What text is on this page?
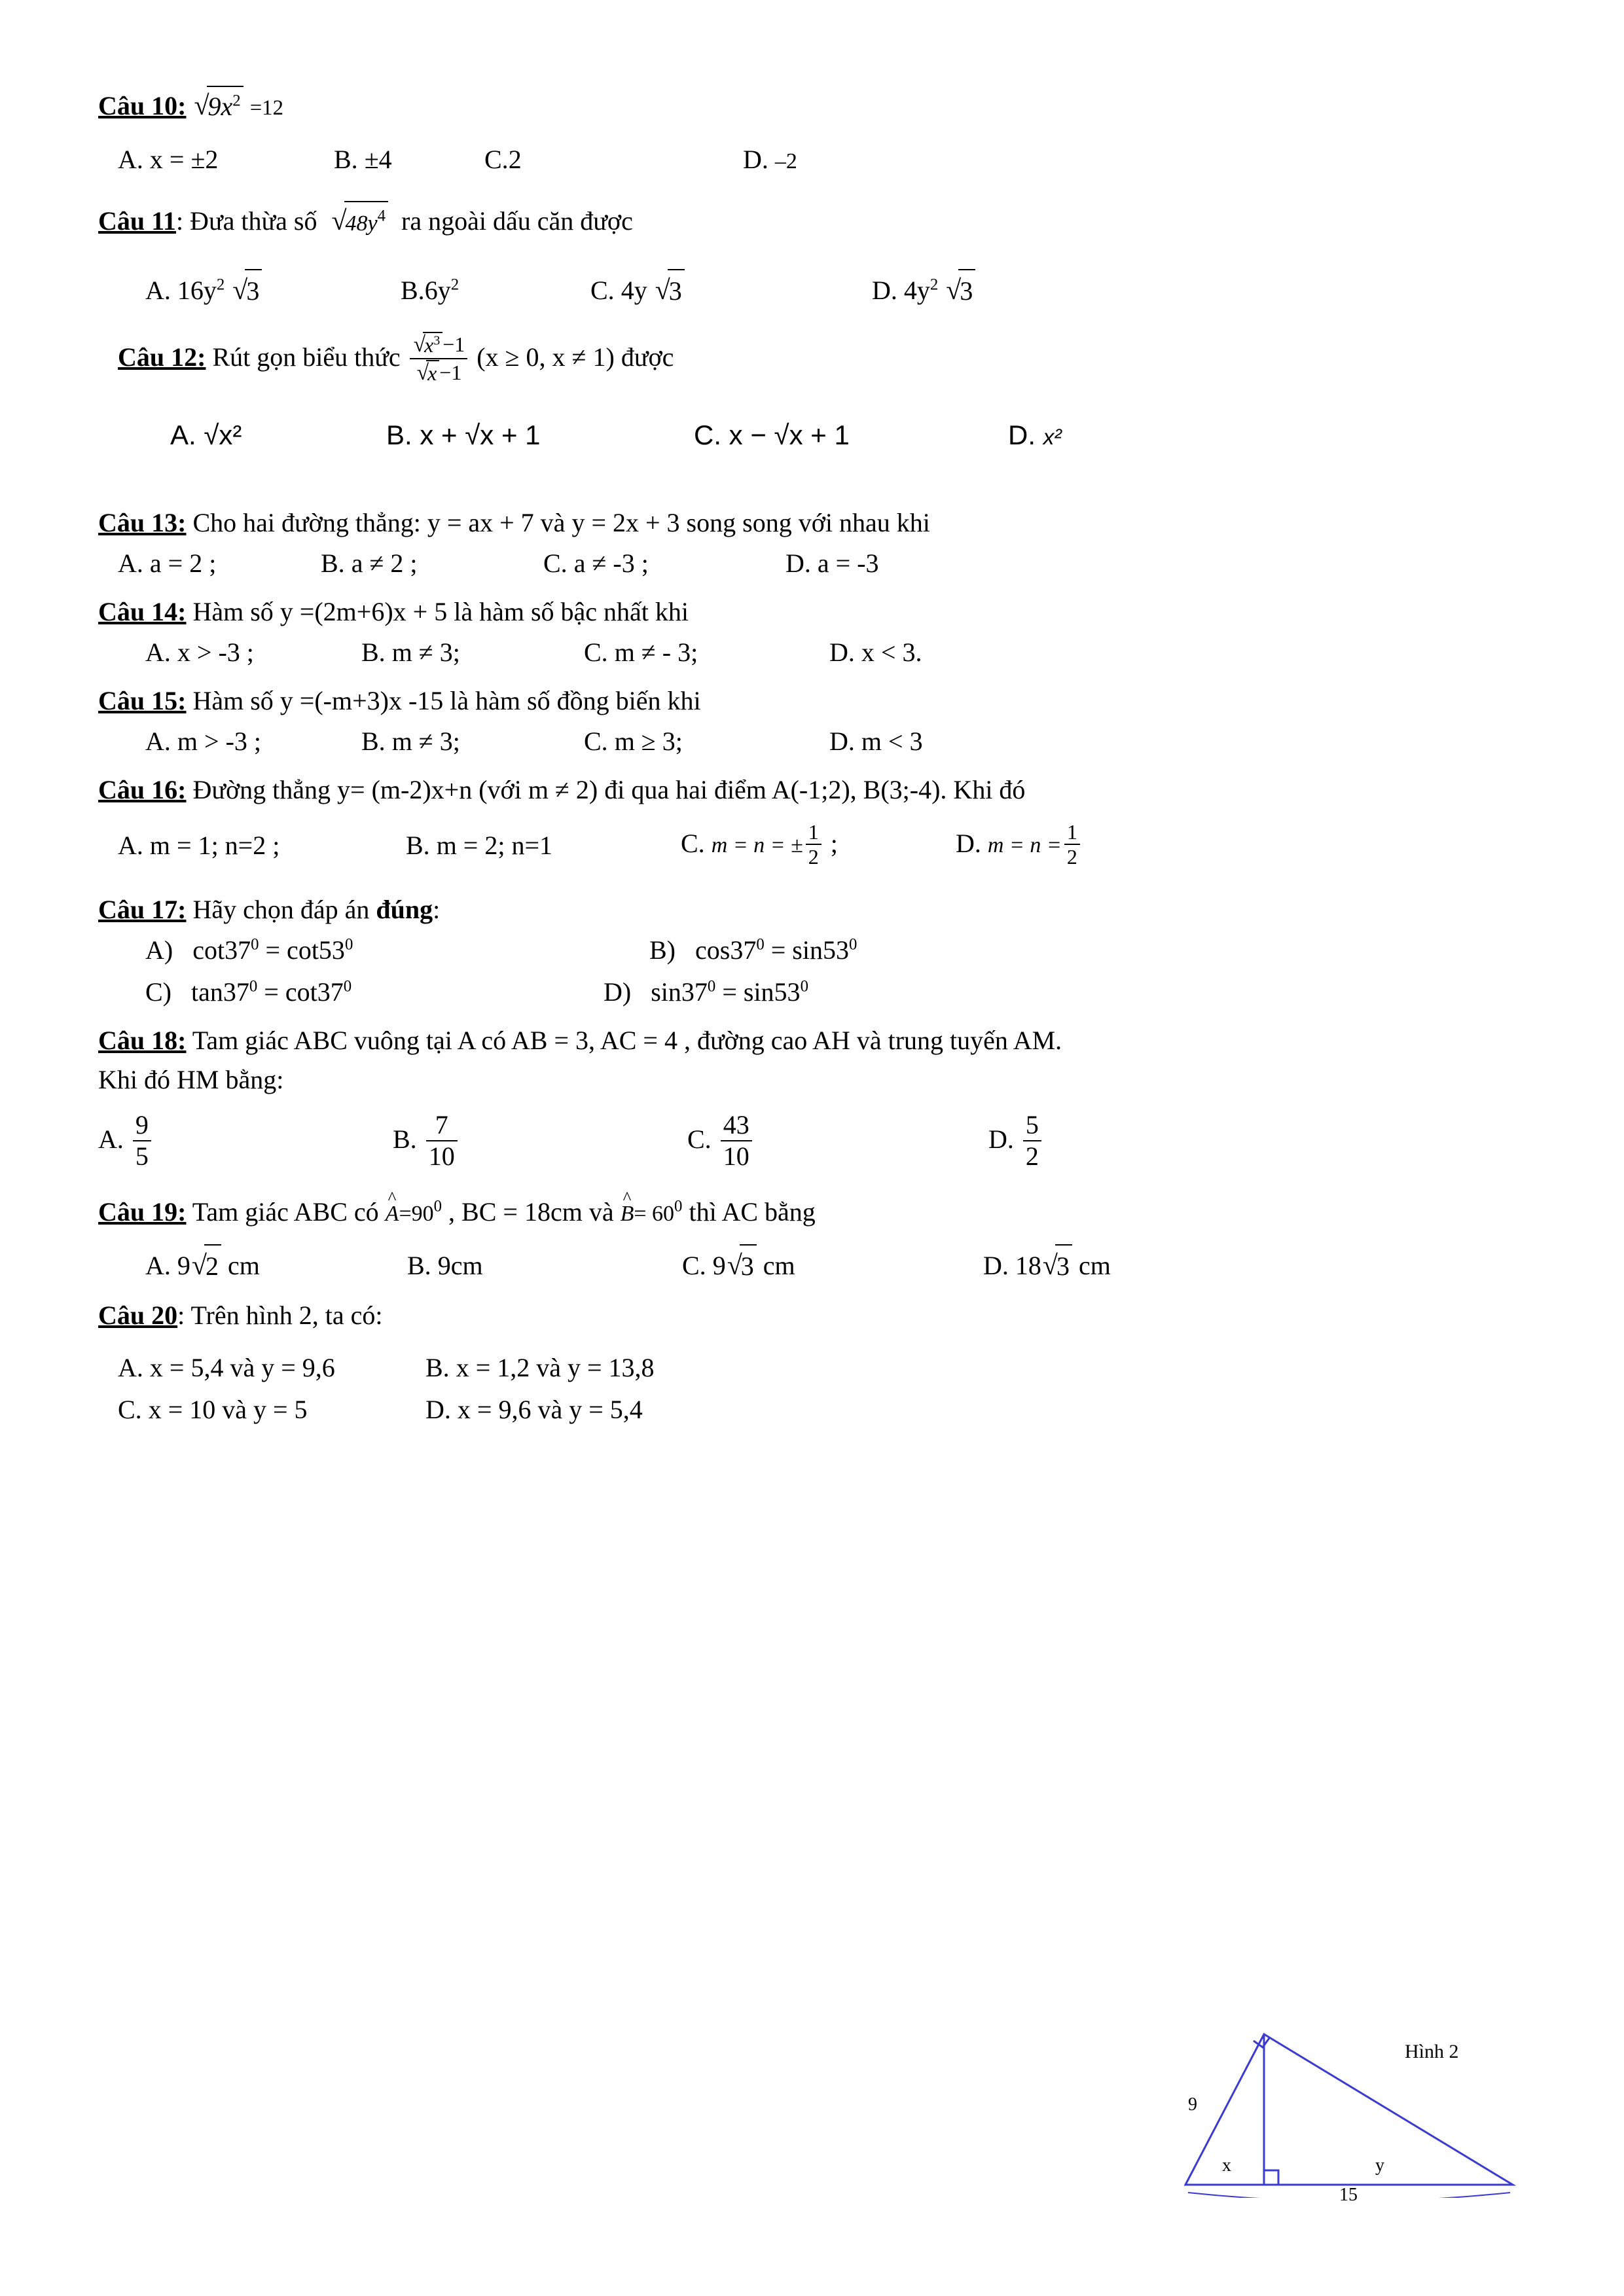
Câu 10: $√9x^2 =12$
A. x = ±2	B. ±4	C.2	D. –2
Câu 11: Đưa thừa số $√48y^4$ ra ngoài dấu căn được
A. $16y^2$ √3	$B.6y^2$	C. 4y √3	D. $4y^2$ √3
Câu 12: Rút gọn biểu thức $\frac{√x^3 -1}{√x -1} (x \ge 0$, x ≠ 1) được
A. √x²	B. x + √x + 1	C. x − √x + 1	D. x²
Câu 13: Cho hai đường thẳng: y = ax + 7 và y = 2x + 3 song song với nhau khi
A. a = 2 ;	B. a ≠ 2 ;	C. a ≠ -3 ;	D. a = -3
Câu 14: Hàm số y =(2m+6)x + 5 là hàm số bậc nhất khi
A. x > -3 ;	B. m ≠ 3;	C. m ≠ - 3;	D. x < 3.
Câu 15: Hàm số y =(-m+3)x -15 là hàm số đồng biến khi
A. m > -3 ;	B. m ≠ 3;	C. m ≥ 3;	D. m < 3
Câu 16: Đường thẳng y= (m-2)x+n (với m ≠ 2) đi qua hai điểm A(-1;2), B(3;-4). Khi đó
A. m = 1; n=2 ;	B. m = 2; n=1	C. m = n = ± $\frac{1}{2}$ ;	D. $m = n = \frac{1}{2}$
Câu 17: Hãy chọn đáp án đúng:
A) $\cot 37^0 = \cot 53^0$	B) $\cos 37^0 = \sin 53^0$
C) $\tan 37^0 = \cot 37^0$	D) $\sin 37^0 = \sin 53^0$
Câu 18: Tam giác ABC vuông tại A có AB = 3, AC = 4 , đường cao AH và trung tuyến AM.
Khi đó HM bằng:
A. $\frac{9}{5}$	B. $\frac{7}{10}$	C. $\frac{43}{10}$	D. $\frac{5}{2}$
Câu 19: Tam giác ABC có ^ $A=90^0$ , BC = 18cm và ^ $B= 60^0$ thì AC bằng
A. 9√2 cm	B. 9cm	C. 9√3 cm	D. 18√3 cm
Câu 20: Trên hình 2, ta có:
A. x = 5,4 và y = 9,6	B. x = 1,2 và y = 13,8
C. x = 10 và y = 5	D. x = 9,6 và y = 5,4
9
x	y
15
Hình 2
